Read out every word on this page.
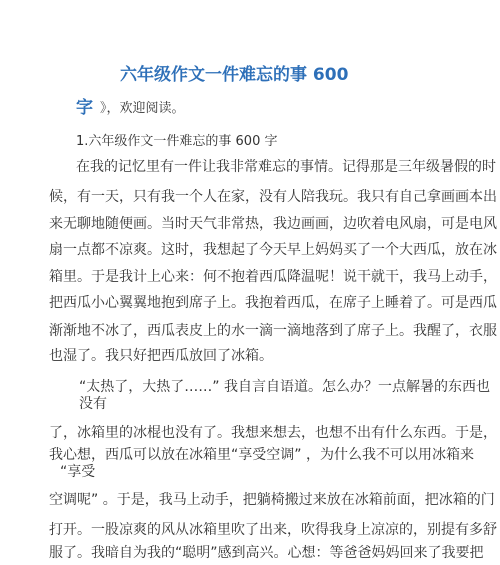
六年级作文一件难忘的事 600
字 》，欢迎阅读。
1.六年级作文一件难忘的事 600 字
在我的记忆里有一件让我非常难忘的事情。记得那是三年级暑假的时
候，有一天，只有我一个人在家，没有人陪我玩。我只有自己拿画画本出
来无聊地随便画。当时天气非常热，我边画画，边吹着电风扇，可是电风
扇一点都不凉爽。这时，我想起了今天早上妈妈买了一个大西瓜，放在冰
箱里。于是我计上心来：何不抱着西瓜降温呢！说干就干，我马上动手，
把西瓜小心翼翼地抱到席子上。我抱着西瓜，在席子上睡着了。可是西瓜
渐渐地不冰了，西瓜表皮上的水一滴一滴地落到了席子上。我醒了，衣服
也湿了。我只好把西瓜放回了冰箱。
“太热了，大热了……” 我自言自语道。怎么办？一点解暑的东西也
没有
了，冰箱里的冰棍也没有了。我想来想去，也想不出有什么东西。于是，
我心想，西瓜可以放在冰箱里“享受空调” ，为什么我不可以用冰箱来
“享受
空调呢” 。于是，我马上动手，把躺椅搬过来放在冰箱前面，把冰箱的门
打开。一股凉爽的风从冰箱里吹了出来，吹得我身上凉凉的，别提有多舒
服了。我暗自为我的“聪明”感到高兴。心想：等爸爸妈妈回来了我要把
